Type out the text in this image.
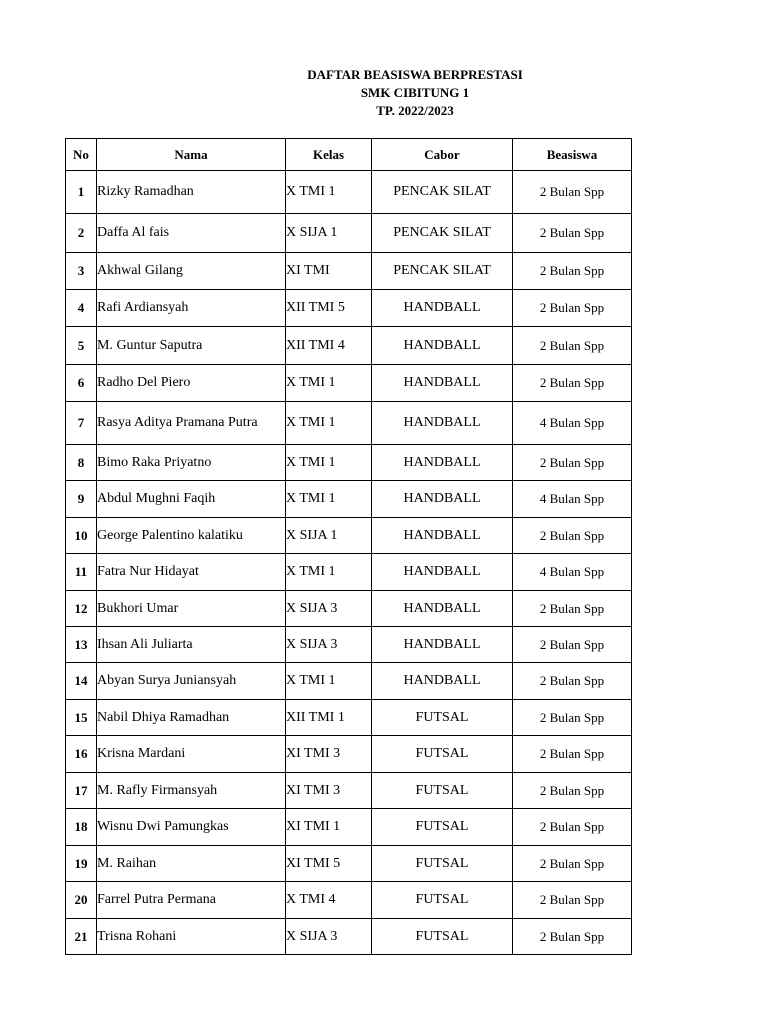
DAFTAR BEASISWA BERPRESTASI
SMK CIBITUNG 1
TP. 2022/2023
No	Nama	Kelas	Cabor	Beasiswa
1	Rizky Ramadhan	X TMI 1	PENCAK SILAT	2 Bulan Spp
2	Daffa Al fais	X SIJA 1	PENCAK SILAT	2 Bulan Spp
3	Akhwal Gilang	XI TMI	PENCAK SILAT	2 Bulan Spp
4	Rafi Ardiansyah	XII TMI 5	HANDBALL	2 Bulan Spp
5	M. Guntur Saputra	XII TMI 4	HANDBALL	2 Bulan Spp
6	Radho Del Piero	X TMI 1	HANDBALL	2 Bulan Spp
7	Rasya Aditya Pramana Putra	X TMI 1	HANDBALL	4 Bulan Spp
8	Bimo Raka Priyatno	X TMI 1	HANDBALL	2 Bulan Spp
9	Abdul Mughni Faqih	X TMI 1	HANDBALL	4 Bulan Spp
10	George Palentino kalatiku	X SIJA 1	HANDBALL	2 Bulan Spp
11	Fatra Nur Hidayat	X TMI 1	HANDBALL	4 Bulan Spp
12	Bukhori Umar	X SIJA 3	HANDBALL	2 Bulan Spp
13	Ihsan Ali Juliarta	X SIJA 3	HANDBALL	2 Bulan Spp
14	Abyan Surya Juniansyah	X TMI 1	HANDBALL	2 Bulan Spp
15	Nabil Dhiya Ramadhan	XII TMI 1	FUTSAL	2 Bulan Spp
16	Krisna Mardani	XI TMI 3	FUTSAL	2 Bulan Spp
17	M. Rafly Firmansyah	XI TMI 3	FUTSAL	2 Bulan Spp
18	Wisnu Dwi Pamungkas	XI TMI 1	FUTSAL	2 Bulan Spp
19	M. Raihan	XI TMI 5	FUTSAL	2 Bulan Spp
20	Farrel Putra Permana	X TMI 4	FUTSAL	2 Bulan Spp
21	Trisna Rohani	X SIJA 3	FUTSAL	2 Bulan Spp
